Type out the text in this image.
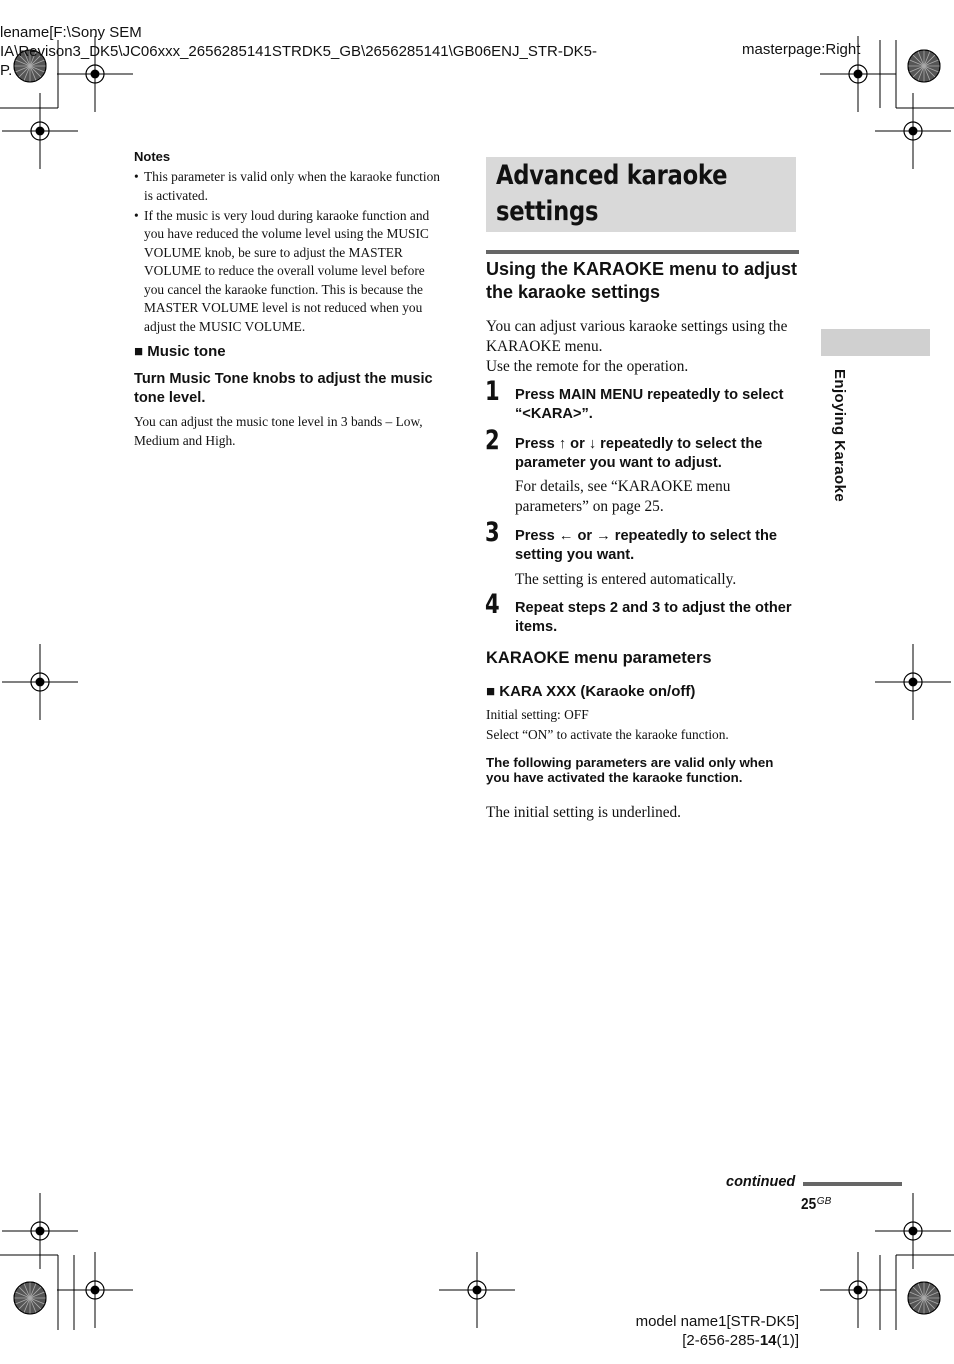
lename[F:\Sony SEM
IA\Revison3_DK5\JC06xxx_2656285141STRDK5_GB\2656285141\GB06ENJ_STR-DK5-
P.
masterpage:Right
Notes
• This parameter is valid only when the karaoke function is activated.
• If the music is very loud during karaoke function and you have reduced the volume level using the MUSIC VOLUME knob, be sure to adjust the MASTER VOLUME to reduce the overall volume level before you cancel the karaoke function. This is because the MASTER VOLUME level is not reduced when you adjust the MUSIC VOLUME.
■ Music tone
Turn Music Tone knobs to adjust the music tone level.
You can adjust the music tone level in 3 bands – Low, Medium and High.
Advanced karaoke
settings
Using the KARAOKE menu to adjust the karaoke settings
You can adjust various karaoke settings using the KARAOKE menu.
Use the remote for the operation.
1 Press MAIN MENU repeatedly to select “<KARA>”.
2 Press ↑ or ↓ repeatedly to select the parameter you want to adjust.
For details, see “KARAOKE menu parameters” on page 25.
3 Press ← or → repeatedly to select the setting you want.
The setting is entered automatically.
4 Repeat steps 2 and 3 to adjust the other items.
KARAOKE menu parameters
■ KARA XXX (Karaoke on/off)
Initial setting: OFF
Select “ON” to activate the karaoke function.
The following parameters are valid only when you have activated the karaoke function.
The initial setting is underlined.
Enjoying Karaoke
continued
$25^{GB}$
model name1[STR-DK5]
[2-656-285-14(1)]
